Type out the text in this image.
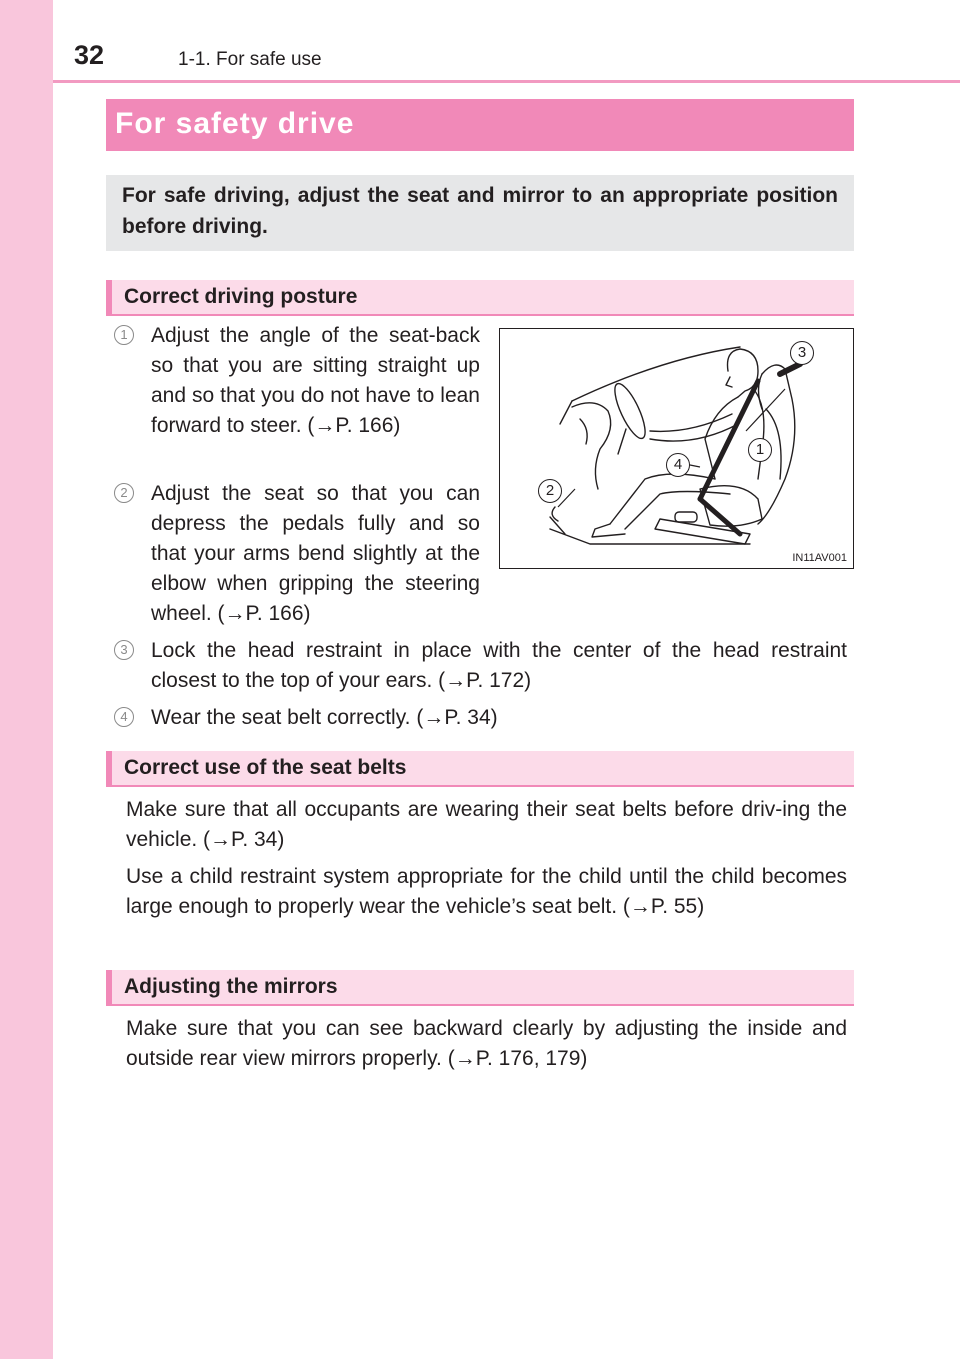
32	1-1. For safe use
For safety drive
For safe driving, adjust the seat and mirror to an appropriate position before driving.
Correct driving posture
1	Adjust the angle of the seat-back so that you are sitting straight up and so that you do not have to lean forward to steer. (→P. 166)
2	Adjust the seat so that you can depress the pedals fully and so that your arms bend slightly at the elbow when gripping the steering wheel. (→P. 166)
3	Lock the head restraint in place with the center of the head restraint closest to the top of your ears. (→P. 172)
4	Wear the seat belt correctly. (→P. 34)
3
1
4
2
IN11AV001
Correct use of the seat belts
Make sure that all occupants are wearing their seat belts before driv-ing the vehicle. (→P. 34)
Use a child restraint system appropriate for the child until the child becomes large enough to properly wear the vehicle’s seat belt. (→P. 55)
Adjusting the mirrors
Make sure that you can see backward clearly by adjusting the inside and outside rear view mirrors properly. (→P. 176, 179)
